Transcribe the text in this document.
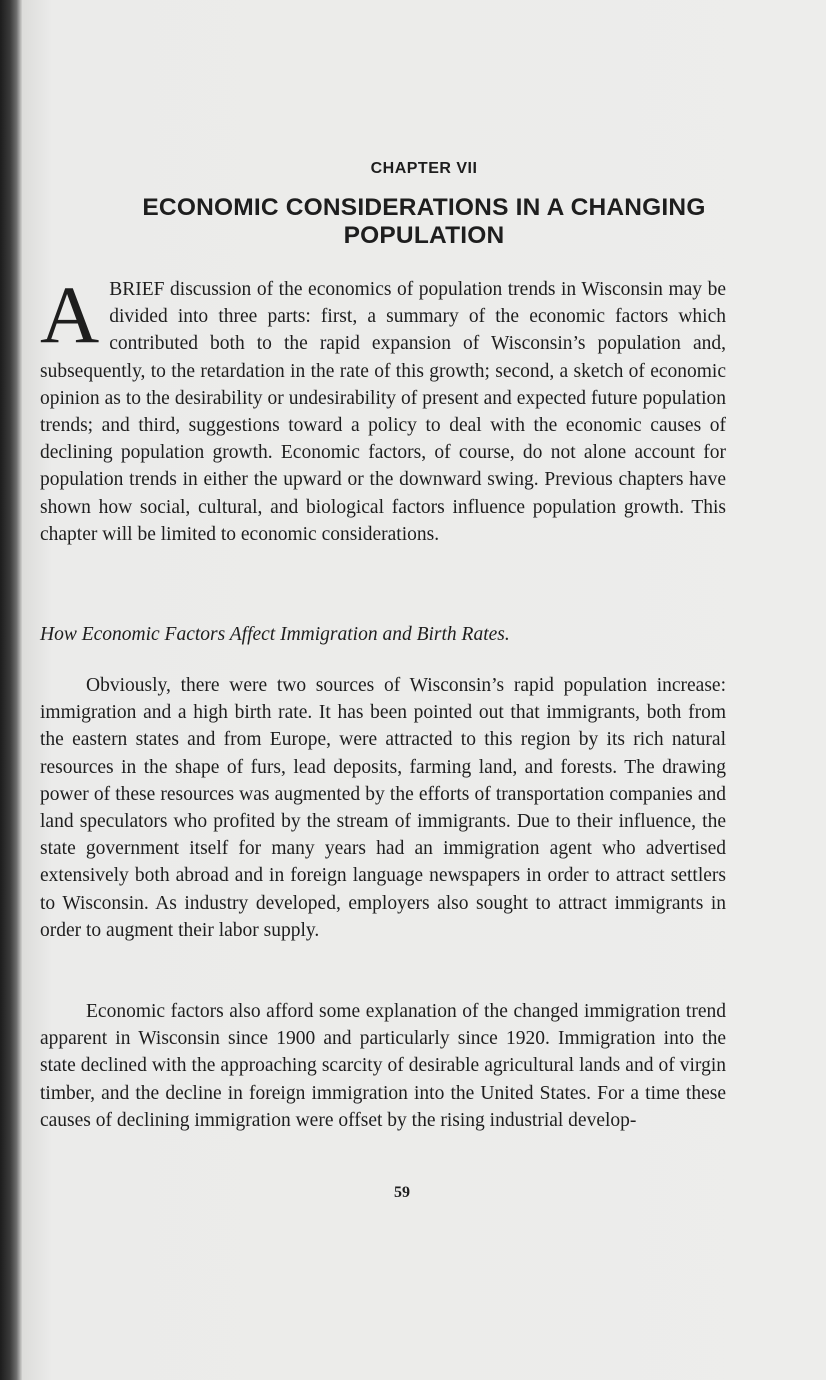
CHAPTER VII
ECONOMIC CONSIDERATIONS IN A CHANGING POPULATION

A BRIEF discussion of the economics of population trends in Wisconsin may be divided into three parts: first, a summary of the economic factors which contributed both to the rapid expansion of Wisconsin’s population and, subsequently, to the retardation in the rate of this growth; second, a sketch of economic opinion as to the desirability or undesirability of present and expected future population trends; and third, suggestions toward a policy to deal with the economic causes of declining population growth. Economic factors, of course, do not alone account for population trends in either the upward or the downward swing. Previous chapters have shown how social, cultural, and biological factors influence population growth. This chapter will be limited to economic considerations.

How Economic Factors Affect Immigration and Birth Rates.

Obviously, there were two sources of Wisconsin’s rapid population increase: immigration and a high birth rate. It has been pointed out that immigrants, both from the eastern states and from Europe, were attracted to this region by its rich natural resources in the shape of furs, lead deposits, farming land, and forests. The drawing power of these resources was augmented by the efforts of transportation companies and land speculators who profited by the stream of immigrants. Due to their influence, the state government itself for many years had an immigration agent who advertised extensively both abroad and in foreign language newspapers in order to attract settlers to Wisconsin. As industry developed, employers also sought to attract immigrants in order to augment their labor supply.

Economic factors also afford some explanation of the changed immigration trend apparent in Wisconsin since 1900 and particularly since 1920. Immigration into the state declined with the approaching scarcity of desirable agricultural lands and of virgin timber, and the decline in foreign immigration into the United States. For a time these causes of declining immigration were offset by the rising industrial develop-

59
